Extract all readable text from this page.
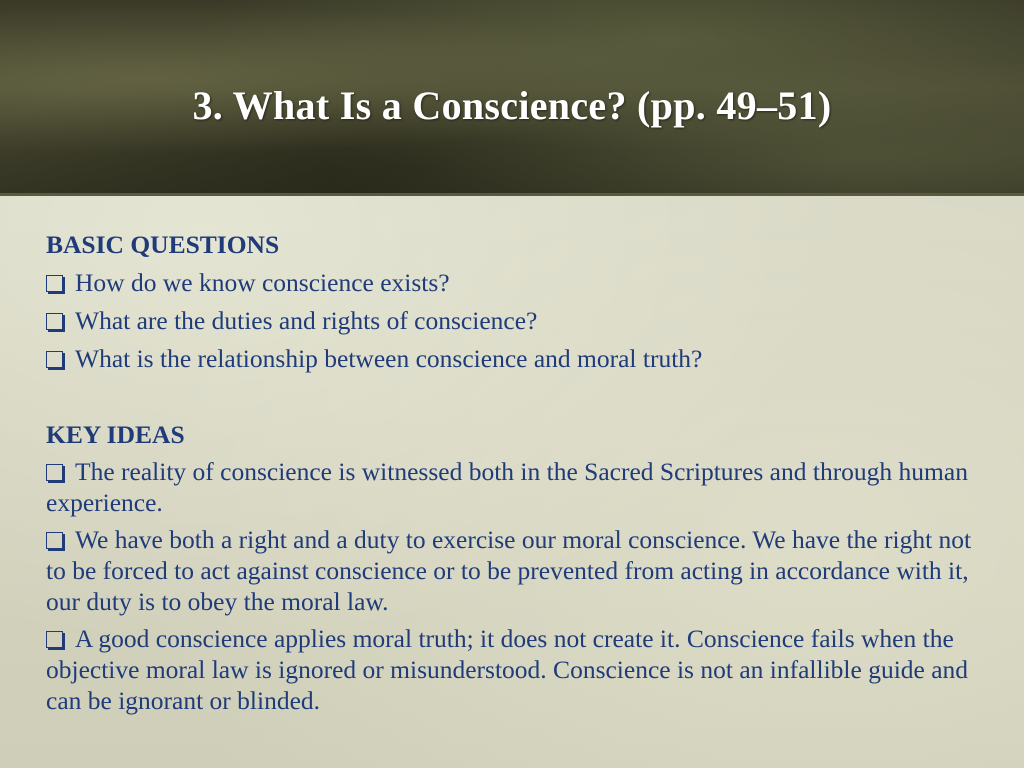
3. What Is a Conscience? (pp. 49–51)

BASIC QUESTIONS

How do we know conscience exists?

What are the duties and rights of conscience?

What is the relationship between conscience and moral truth?

KEY IDEAS

The reality of conscience is witnessed both in the Sacred Scriptures and through human experience.

We have both a right and a duty to exercise our moral conscience. We have the right not to be forced to act against conscience or to be prevented from acting in accordance with it, our duty is to obey the moral law.

A good conscience applies moral truth; it does not create it. Conscience fails when the objective moral law is ignored or misunderstood. Conscience is not an infallible guide and can be ignorant or blinded.
